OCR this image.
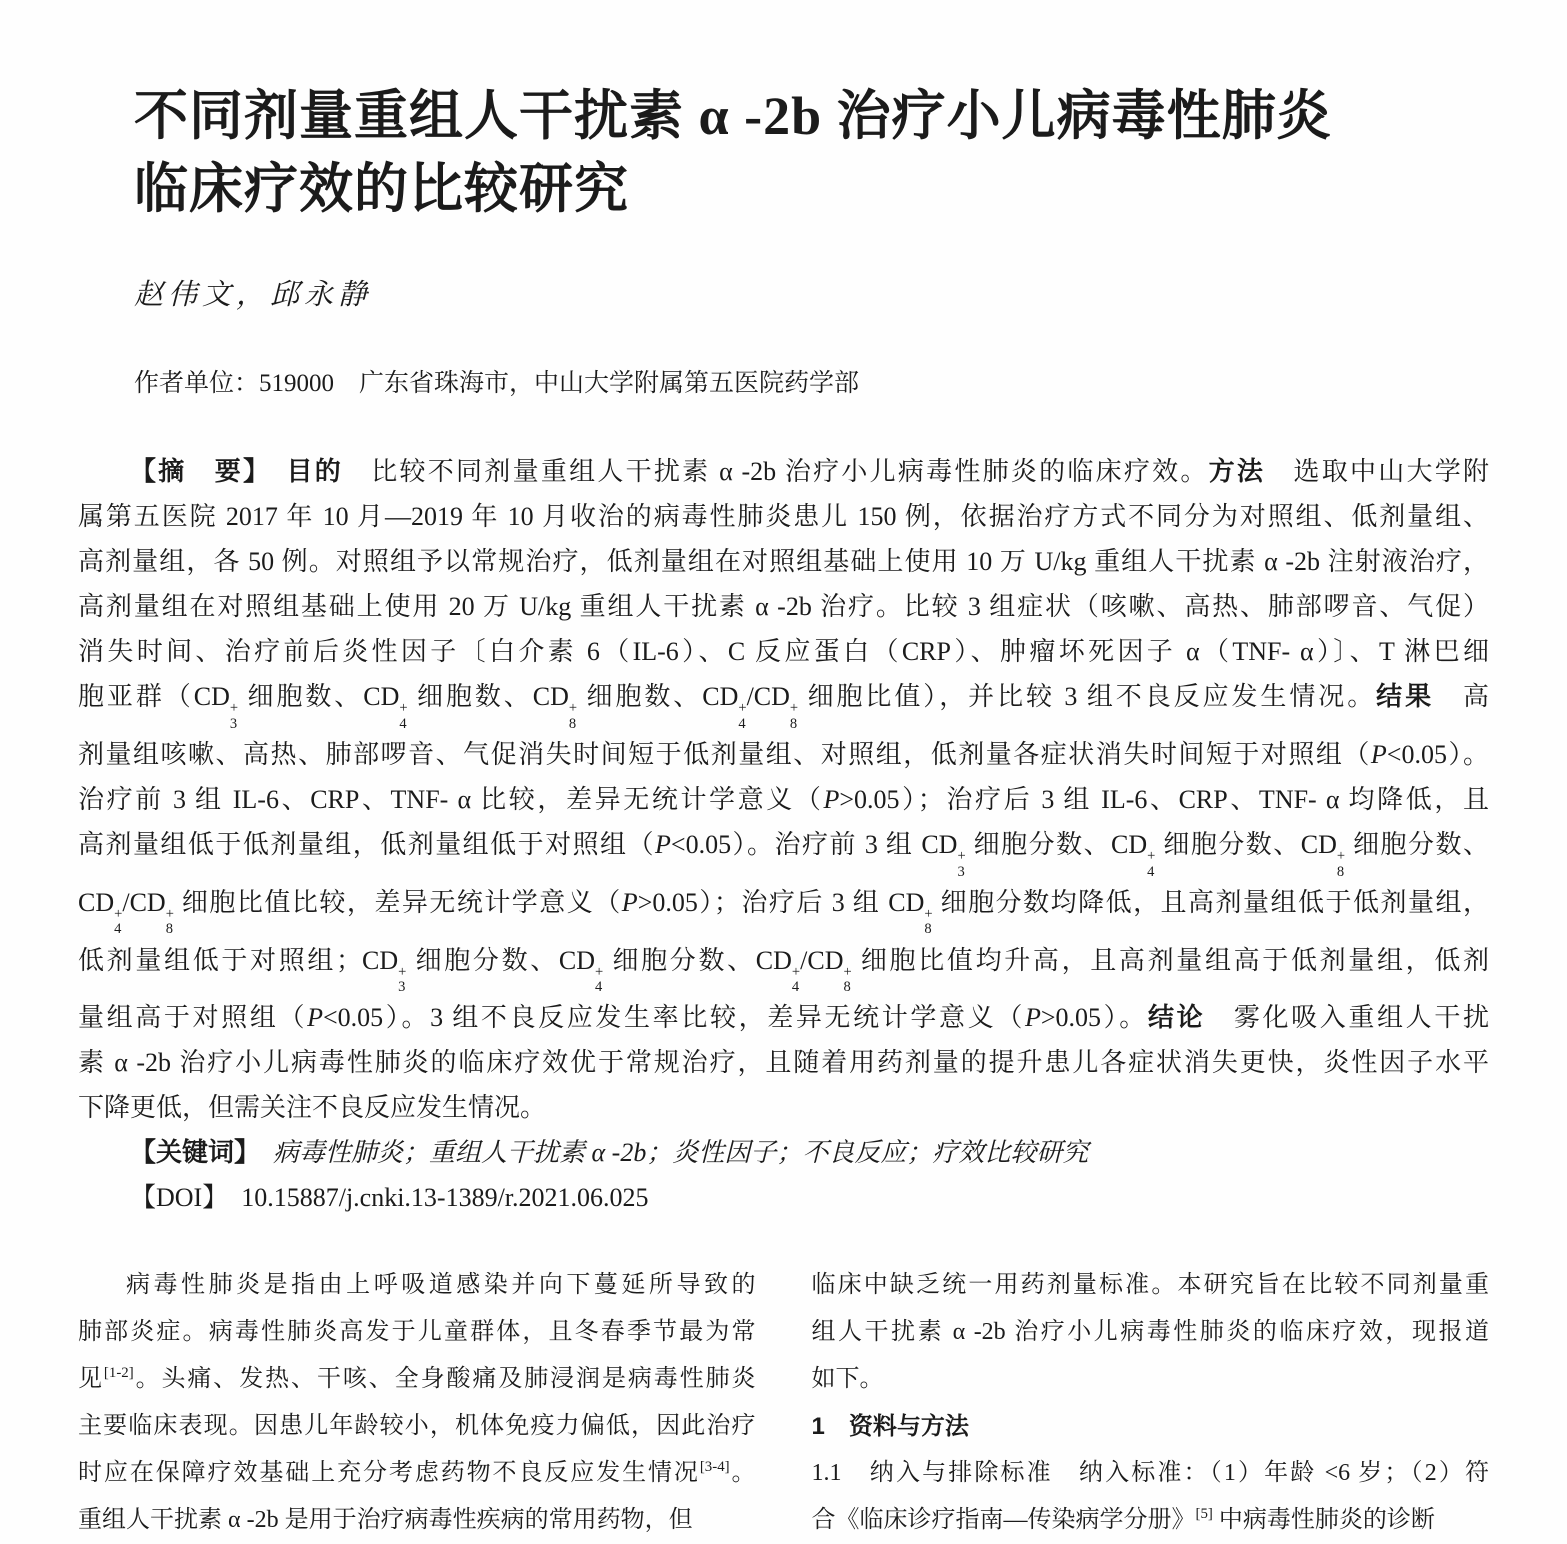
不同剂量重组人干扰素 α -2b 治疗小儿病毒性肺炎
临床疗效的比较研究
赵伟文，邱永静
作者单位：519000　广东省珠海市，中山大学附属第五医院药学部
【摘　要】　 目的　比较不同剂量重组人干扰素 α -2b 治疗小儿病毒性肺炎的临床疗效。方法　选取中山大学附
属第五医院 2017 年 10 月—2019 年 10 月收治的病毒性肺炎患儿 150 例，依据治疗方式不同分为对照组、低剂量组、
高剂量组，各 50 例。对照组予以常规治疗，低剂量组在对照组基础上使用 10 万 U/kg 重组人干扰素 α -2b 注射液治疗，
高剂量组在对照组基础上使用 20 万 U/kg 重组人干扰素 α -2b 治疗。比较 3 组症状（咳嗽、高热、肺部啰音、气促）
消失时间、治疗前后炎性因子〔白介素 6（IL-6）、C 反应蛋白（CRP）、肿瘤坏死因子 α（TNF- α）〕、T 淋巴细
胞亚群（CD +
3
细胞数、CD +
4
细胞数、CD +
8
细胞数、CD +
4
/CD +
8
细胞比值），并比较 3 组不良反应发生情况。结果　高
剂量组咳嗽、高热、肺部啰音、气促消失时间短于低剂量组、对照组，低剂量各症状消失时间短于对照组（P<0.05）。
治疗前 3 组 IL-6、CRP、TNF- α 比较，差异无统计学意义（P>0.05）；治疗后 3 组 IL-6、CRP、TNF- α 均降低，且
高剂量组低于低剂量组，低剂量组低于对照组（P<0.05）。治疗前 3 组 CD +
3
细胞分数、CD +
4
细胞分数、CD +
8
细胞分数、
CD +
4
/CD +
8
细胞比值比较，差异无统计学意义（P>0.05）；治疗后 3 组 CD +
8
细胞分数均降低，且高剂量组低于低剂量组，
低剂量组低于对照组；CD +
3
细胞分数、CD +
4
细胞分数、CD +
4
/CD +
8
细胞比值均升高，且高剂量组高于低剂量组，低剂
量组高于对照组（P<0.05）。3 组不良反应发生率比较，差异无统计学意义（P>0.05）。结论　雾化吸入重组人干扰
素 α -2b 治疗小儿病毒性肺炎的临床疗效优于常规治疗，且随着用药剂量的提升患儿各症状消失更快，炎性因子水平
下降更低，但需关注不良反应发生情况。
【关键词】　 病毒性肺炎；重组人干扰素 α -2b；炎性因子；不良反应；疗效比较研究
【DOI】　10.15887/j.cnki.13-1389/r.2021.06.025
病毒性肺炎是指由上呼吸道感染并向下蔓延所导致的
肺部炎症。病毒性肺炎高发于儿童群体，且冬春季节最为常
见[1-2]。头痛、发热、干咳、全身酸痛及肺浸润是病毒性肺炎
主要临床表现。因患儿年龄较小，机体免疫力偏低，因此治疗
时应在保障疗效基础上充分考虑药物不良反应发生情况[3-4]。
重组人干扰素 α -2b 是用于治疗病毒性疾病的常用药物，但
临床中缺乏统一用药剂量标准。本研究旨在比较不同剂量重
组人干扰素 α -2b 治疗小儿病毒性肺炎的临床疗效，现报道
如下。
1　资料与方法
1.1　纳入与排除标准　纳入标准：（1）年龄 <6 岁；（2）符
合《临床诊疗指南—传染病学分册》[5] 中病毒性肺炎的诊断
